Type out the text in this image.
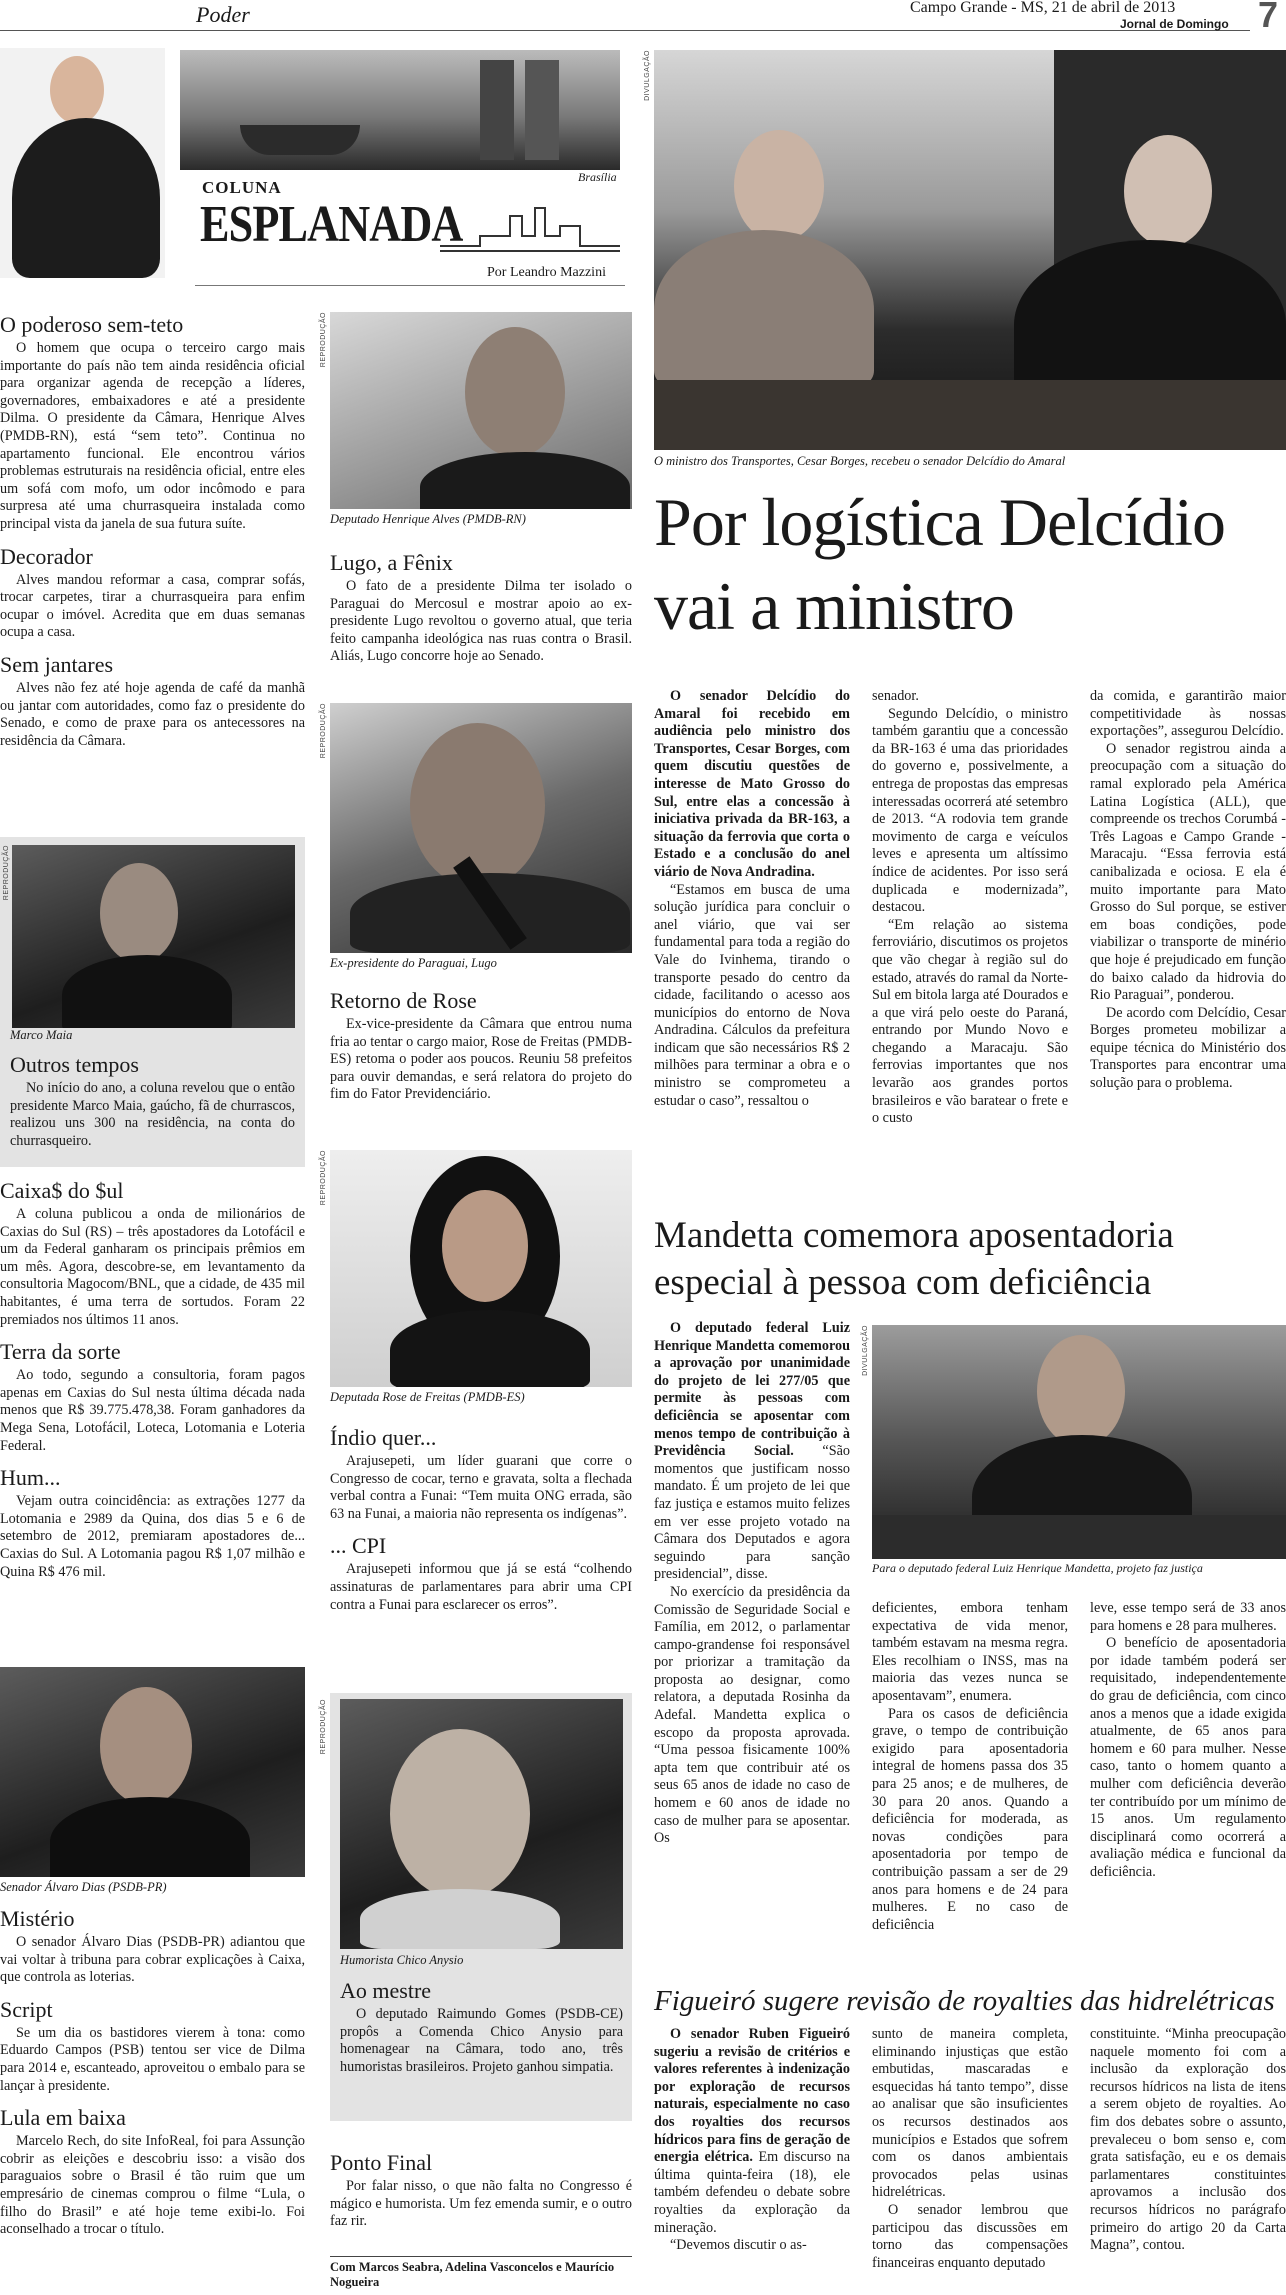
Poder	Campo Grande - MS, 21 de abril de 2013
Jornal de Domingo 7
Brasília
COLUNA
ESPLANADA
Por Leandro Mazzini
O poderoso sem-teto

O homem que ocupa o terceiro cargo mais importante do país não tem ainda residência oficial para organizar agenda de recepção a líderes, governadores, embaixadores e até a presidente Dilma. O presidente da Câmara, Henrique Alves (PMDB-RN), está “sem teto”. Continua no apartamento funcional. Ele encontrou vários problemas estruturais na residência oficial, entre eles um sofá com mofo, um odor incômodo e para surpresa até uma churrasqueira instalada como principal vista da janela de sua futura suíte.

Decorador

Alves mandou reformar a casa, comprar sofás, trocar carpetes, tirar a churrasqueira para enfim ocupar o imóvel. Acredita que em duas semanas ocupa a casa.

Sem jantares

Alves não fez até hoje agenda de café da manhã ou jantar com autoridades, como faz o presidente do Senado, e como de praxe para os antecessores na residência da Câmara.

REPRODUÇÃO
Marco Maia
Outros tempos

No início do ano, a coluna revelou que o então presidente Marco Maia, gaúcho, fã de churrascos, realizou uns 300 na residência, na conta do churrasqueiro.

Caixa$ do $ul

A coluna publicou a onda de milionários de Caxias do Sul (RS) – três apostadores da Lotofácil e um da Federal ganharam os principais prêmios em um mês. Agora, descobre-se, em levantamento da consultoria Magocom/BNL, que a cidade, de 435 mil habitantes, é uma terra de sortudos. Foram 22 premiados nos últimos 11 anos.

Terra da sorte

Ao todo, segundo a consultoria, foram pagos apenas em Caxias do Sul nesta última década nada menos que R$ 39.775.478,38. Foram ganhadores da Mega Sena, Lotofácil, Loteca, Lotomania e Loteria Federal.

Hum...

Vejam outra coincidência: as extrações 1277 da Lotomania e 2989 da Quina, dos dias 5 e 6 de setembro de 2012, premiaram apostadores de... Caxias do Sul. A Lotomania pagou R$ 1,07 milhão e Quina R$ 476 mil.

Senador Álvaro Dias (PSDB-PR)
Mistério

O senador Álvaro Dias (PSDB-PR) adiantou que vai voltar à tribuna para cobrar explicações à Caixa, que controla as loterias.

Script

Se um dia os bastidores vierem à tona: como Eduardo Campos (PSB) tentou ser vice de Dilma para 2014 e, escanteado, aproveitou o embalo para se lançar à presidente.

Lula em baixa

Marcelo Rech, do site InfoReal, foi para Assunção cobrir as eleições e descobriu isso: a visão dos paraguaios sobre o Brasil é tão ruim que um empresário de cinemas comprou o filme “Lula, o filho do Brasil” e até hoje teme exibi-lo. Foi aconselhado a trocar o título.

REPRODUÇÃO
Deputado Henrique Alves (PMDB-RN)
Lugo, a Fênix

O fato de a presidente Dilma ter isolado o Paraguai do Mercosul e mostrar apoio ao ex-presidente Lugo revoltou o governo atual, que teria feito campanha ideológica nas ruas contra o Brasil. Aliás, Lugo concorre hoje ao Senado.

REPRODUÇÃO
Ex-presidente do Paraguai, Lugo
Retorno de Rose

Ex-vice-presidente da Câmara que entrou numa fria ao tentar o cargo maior, Rose de Freitas (PMDB-ES) retoma o poder aos poucos. Reuniu 58 prefeitos para ouvir demandas, e será relatora do projeto do fim do Fator Previdenciário.

REPRODUÇÃO
Deputada Rose de Freitas (PMDB-ES)
Índio quer...

Arajusepeti, um líder guarani que corre o Congresso de cocar, terno e gravata, solta a flechada verbal contra a Funai: “Tem muita ONG errada, são 63 na Funai, a maioria não representa os indígenas”.

... CPI

Arajusepeti informou que já se está “colhendo assinaturas de parlamentares para abrir uma CPI contra a Funai para esclarecer os erros”.

REPRODUÇÃO
Humorista Chico Anysio
Ao mestre

O deputado Raimundo Gomes (PSDB-CE) propôs a Comenda Chico Anysio para homenagear na Câmara, todo ano, três humoristas brasileiros. Projeto ganhou simpatia.

Ponto Final

Por falar nisso, o que não falta no Congresso é mágico e humorista. Um fez emenda sumir, e o outro faz rir.

Com Marcos Seabra, Adelina Vasconcelos e Maurício Nogueira
DIVULGAÇÃO
O ministro dos Transportes, Cesar Borges, recebeu o senador Delcídio do Amaral
Por logística Delcídio vai a ministro

O senador Delcídio do Amaral foi recebido em audiência pelo ministro dos Transportes, Cesar Borges, com quem discutiu questões de interesse de Mato Grosso do Sul, entre elas a concessão à iniciativa privada da BR-163, a situação da ferrovia que corta o Estado e a conclusão do anel viário de Nova Andradina.

“Estamos em busca de uma solução jurídica para concluir o anel viário, que vai ser fundamental para toda a região do Vale do Ivinhema, tirando o transporte pesado do centro da cidade, facilitando o acesso aos municípios do entorno de Nova Andradina. Cálculos da prefeitura indicam que são necessários R$ 2 milhões para terminar a obra e o ministro se comprometeu a estudar o caso”, ressaltou o

senador.

Segundo Delcídio, o ministro também garantiu que a concessão da BR-163 é uma das prioridades do governo e, possivelmente, a entrega de propostas das empresas interessadas ocorrerá até setembro de 2013. “A rodovia tem grande movimento de carga e veículos leves e apresenta um altíssimo índice de acidentes. Por isso será duplicada e modernizada”, destacou.

“Em relação ao sistema ferroviário, discutimos os projetos que vão chegar à região sul do estado, através do ramal da Norte-Sul em bitola larga até Dourados e a que virá pelo oeste do Paraná, entrando por Mundo Novo e chegando a Maracaju. São ferrovias importantes que nos levarão aos grandes portos brasileiros e vão baratear o frete e o custo

da comida, e garantirão maior competitividade às nossas exportações”, assegurou Delcídio.

O senador registrou ainda a preocupação com a situação do ramal explorado pela América Latina Logística (ALL), que compreende os trechos Corumbá - Três Lagoas e Campo Grande - Maracaju. “Essa ferrovia está canibalizada e ociosa. E ela é muito importante para Mato Grosso do Sul porque, se estiver em boas condições, pode viabilizar o transporte de minério que hoje é prejudicado em função do baixo calado da hidrovia do Rio Paraguai”, ponderou.

De acordo com Delcídio, Cesar Borges prometeu mobilizar a equipe técnica do Ministério dos Transportes para encontrar uma solução para o problema.

Mandetta comemora aposentadoria especial à pessoa com deficiência

O deputado federal Luiz Henrique Mandetta comemorou a aprovação por unanimidade do projeto de lei 277/05 que permite às pessoas com deficiência se aposentar com menos tempo de contribuição à Previdência Social. “São momentos que justificam nosso mandato. É um projeto de lei que faz justiça e estamos muito felizes em ver esse projeto votado na Câmara dos Deputados e agora seguindo para sanção presidencial”, disse.

No exercício da presidência da Comissão de Seguridade Social e Família, em 2012, o parlamentar campo-grandense foi responsável por priorizar a tramitação da proposta ao designar, como relatora, a deputada Rosinha da Adefal. Mandetta explica o escopo da proposta aprovada. “Uma pessoa fisicamente 100% apta tem que contribuir até os seus 65 anos de idade no caso de homem e 60 anos de idade no caso de mulher para se aposentar. Os

DIVULGAÇÃO
Para o deputado federal Luiz Henrique Mandetta, projeto faz justiça

deficientes, embora tenham expectativa de vida menor, também estavam na mesma regra. Eles recolhiam o INSS, mas na maioria das vezes nunca se aposentavam”, enumera.

Para os casos de deficiência grave, o tempo de contribuição exigido para aposentadoria integral de homens passa dos 35 para 25 anos; e de mulheres, de 30 para 20 anos. Quando a deficiência for moderada, as novas condições para aposentadoria por tempo de contribuição passam a ser de 29 anos para homens e de 24 para mulheres. E no caso de deficiência

leve, esse tempo será de 33 anos para homens e 28 para mulheres.

O benefício de aposentadoria por idade também poderá ser requisitado, independentemente do grau de deficiência, com cinco anos a menos que a idade exigida atualmente, de 65 anos para homem e 60 para mulher. Nesse caso, tanto o homem quanto a mulher com deficiência deverão ter contribuído por um mínimo de 15 anos. Um regulamento disciplinará como ocorrerá a avaliação médica e funcional da deficiência.

Figueiró sugere revisão de royalties das hidrelétricas

O senador Ruben Figueiró sugeriu a revisão de critérios e valores referentes à indenização por exploração de recursos naturais, especialmente no caso dos royalties dos recursos hídricos para fins de geração de energia elétrica. Em discurso na última quinta-feira (18), ele também defendeu o debate sobre royalties da exploração da mineração.

“Devemos discutir o as-

sunto de maneira completa, eliminando injustiças que estão embutidas, mascaradas e esquecidas há tanto tempo”, disse ao analisar que são insuficientes os recursos destinados aos municípios e Estados que sofrem com os danos ambientais provocados pelas usinas hidrelétricas.

O senador lembrou que participou das discussões em torno das compensações financeiras enquanto deputado

constituinte. “Minha preocupação naquele momento foi com a inclusão da exploração dos recursos hídricos na lista de itens a serem objeto de royalties. Ao fim dos debates sobre o assunto, prevaleceu o bom senso e, com grata satisfação, eu e os demais parlamentares constituintes aprovamos a inclusão dos recursos hídricos no parágrafo primeiro do artigo 20 da Carta Magna”, contou.
